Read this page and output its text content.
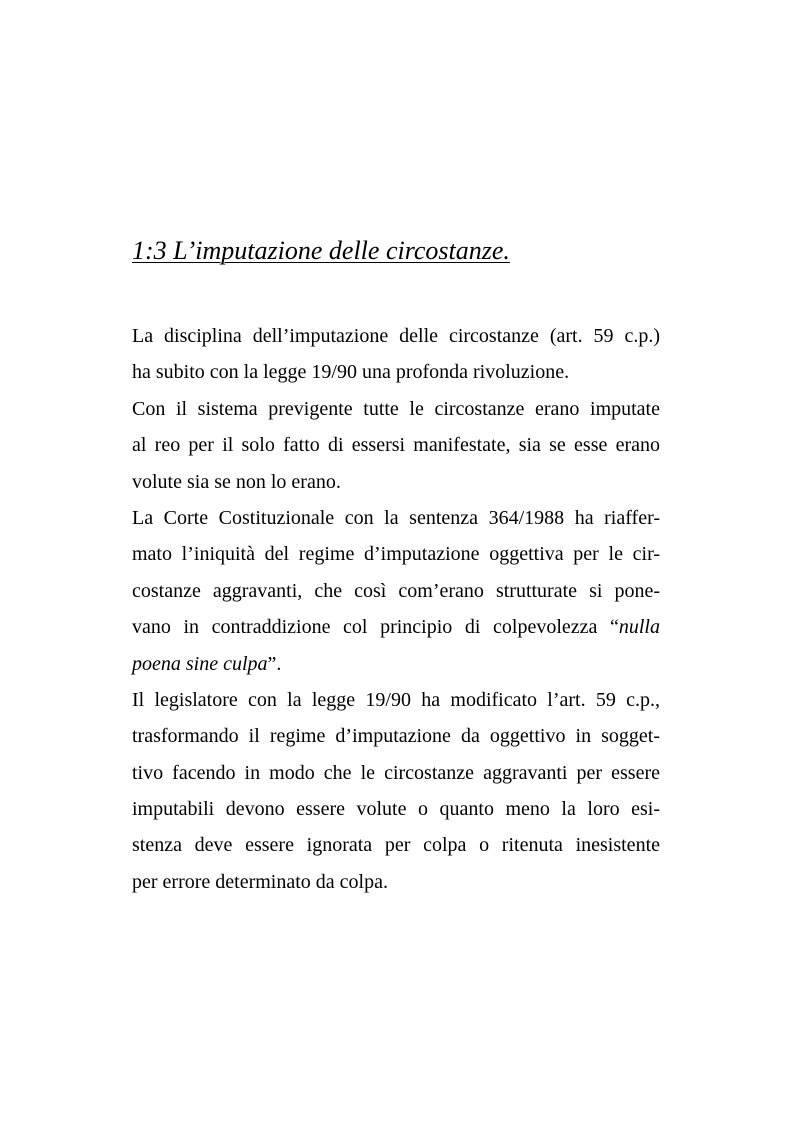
1:3 L’imputazione delle circostanze.
La disciplina dell’imputazione delle circostanze (art. 59 c.p.)
ha subito con la legge 19/90 una profonda rivoluzione.
Con il sistema previgente tutte le circostanze erano imputate
al reo per il solo fatto di essersi manifestate, sia se esse erano
volute sia se non lo erano.
La Corte Costituzionale con la sentenza 364/1988 ha riaffer-
mato l’iniquità del regime d’imputazione oggettiva per le cir-
costanze aggravanti, che così com’erano strutturate si pone-
vano in contraddizione col principio di colpevolezza “nulla
poena sine culpa”.
Il legislatore con la legge 19/90 ha modificato l’art. 59 c.p.,
trasformando il regime d’imputazione da oggettivo in sogget-
tivo facendo in modo che le circostanze aggravanti per essere
imputabili devono essere volute o quanto meno la loro esi-
stenza deve essere ignorata per colpa o ritenuta inesistente
per errore determinato da colpa.
